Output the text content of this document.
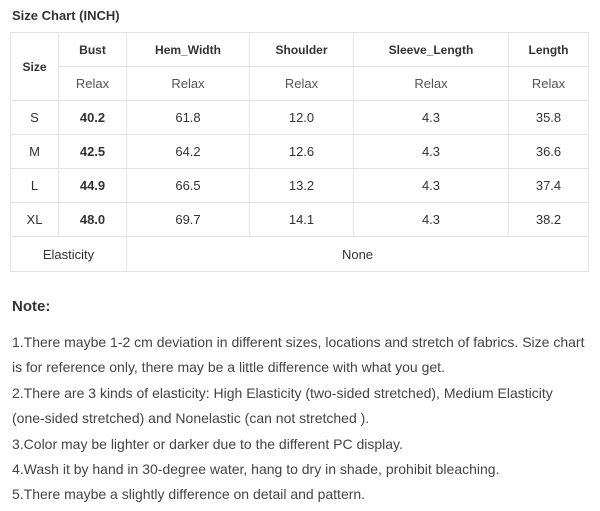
Size Chart (INCH)
Size	Bust	Hem_Width	Shoulder	Sleeve_Length	Length
	Relax	Relax	Relax	Relax	Relax
S	40.2	61.8	12.0	4.3	35.8
M	42.5	64.2	12.6	4.3	36.6
L	44.9	66.5	13.2	4.3	37.4
XL	48.0	69.7	14.1	4.3	38.2
Elasticity		None			
Note:

1.There maybe 1-2 cm deviation in different sizes, locations and stretch of fabrics. Size chart is for reference only, there may be a little difference with what you get.

2.There are 3 kinds of elasticity: High Elasticity (two-sided stretched), Medium Elasticity (one-sided stretched) and Nonelastic (can not stretched ).

3.Color may be lighter or darker due to the different PC display.

4.Wash it by hand in 30-degree water, hang to dry in shade, prohibit bleaching.

5.There maybe a slightly difference on detail and pattern.
